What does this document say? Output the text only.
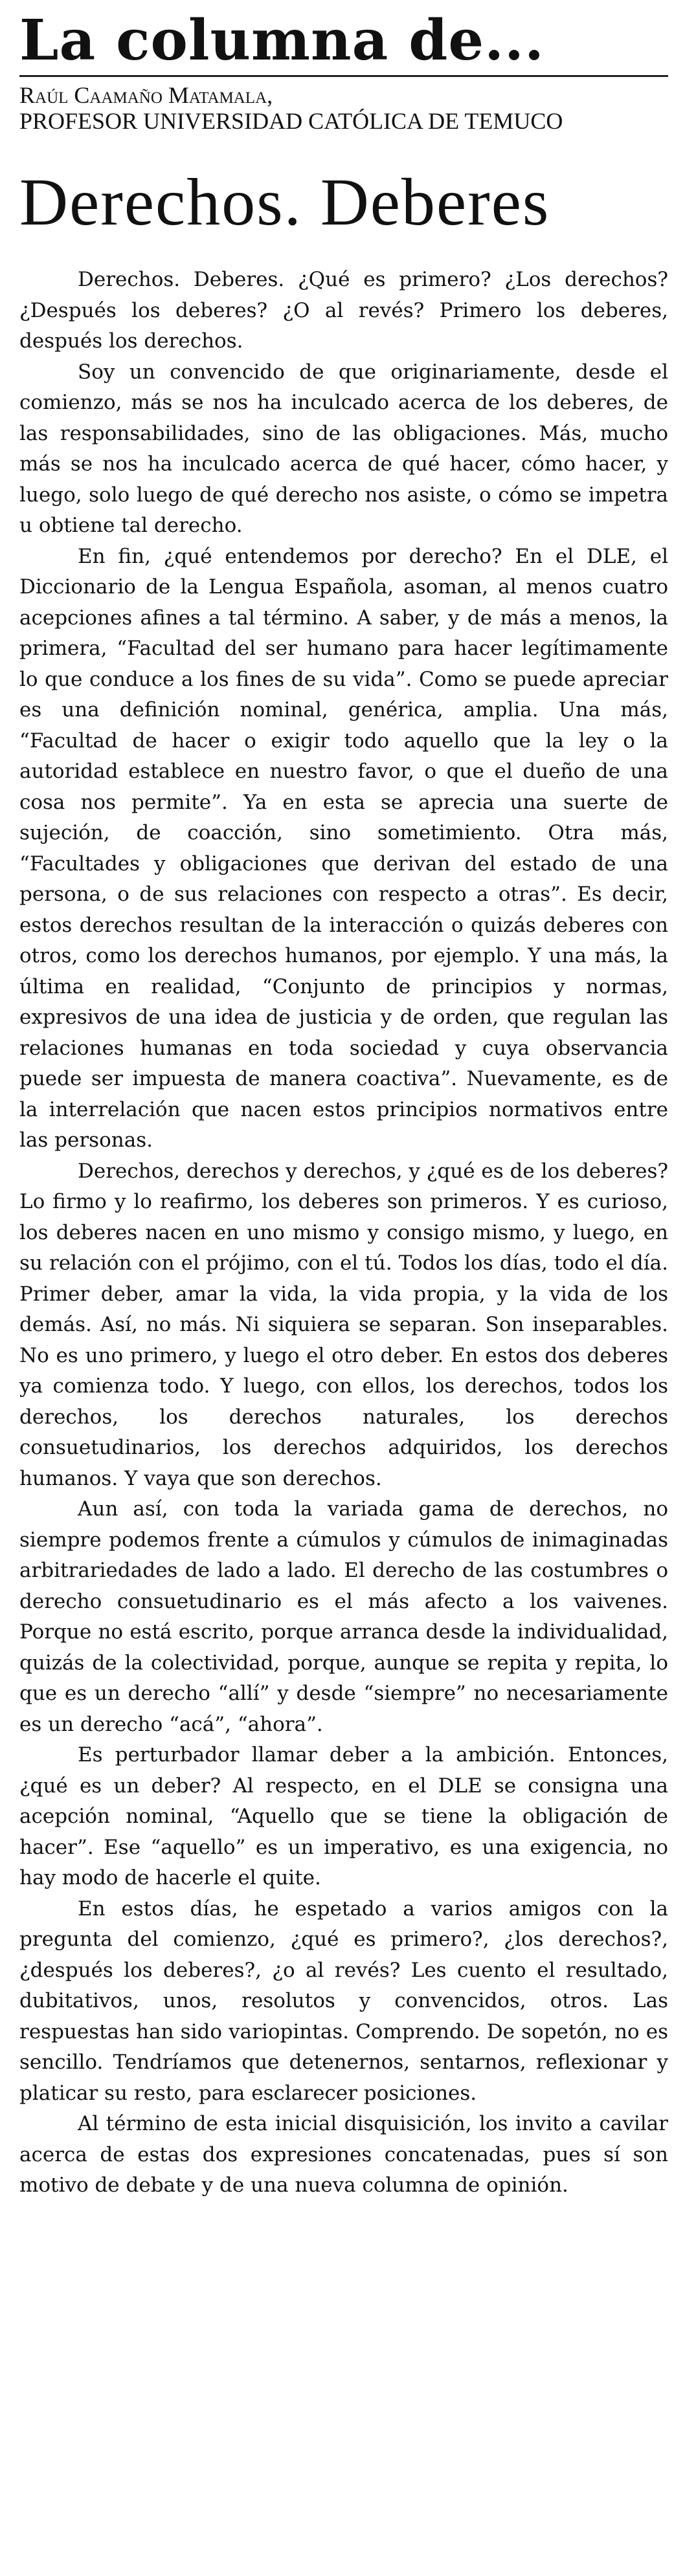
La columna de...

Raúl Caamaño Matamala,
PROFESOR UNIVERSIDAD CATÓLICA DE TEMUCO

Derechos. Deberes

Derechos. Deberes. ¿Qué es primero? ¿Los derechos? ¿Después los deberes? ¿O al revés? Primero los deberes, después los derechos.

Soy un convencido de que originariamente, desde el comienzo, más se nos ha inculcado acerca de los deberes, de las responsabilidades, sino de las obligaciones. Más, mucho más se nos ha inculcado acerca de qué hacer, cómo hacer, y luego, solo luego de qué derecho nos asiste, o cómo se impetra u obtiene tal derecho.

En fin, ¿qué entendemos por derecho? En el DLE, el Diccionario de la Lengua Española, asoman, al menos cuatro acepciones afines a tal término. A saber, y de más a menos, la primera, “Facultad del ser humano para hacer legítimamente lo que conduce a los fines de su vida”. Como se puede apreciar es una definición nominal, genérica, amplia. Una más, “Facultad de hacer o exigir todo aquello que la ley o la autoridad establece en nuestro favor, o que el dueño de una cosa nos permite”. Ya en esta se aprecia una suerte de sujeción, de coacción, sino sometimiento. Otra más, “Facultades y obligaciones que derivan del estado de una persona, o de sus relaciones con respecto a otras”. Es decir, estos derechos resultan de la interacción o quizás deberes con otros, como los derechos humanos, por ejemplo. Y una más, la última en realidad, “Conjunto de principios y normas, expresivos de una idea de justicia y de orden, que regulan las relaciones humanas en toda sociedad y cuya observancia puede ser impuesta de manera coactiva”. Nuevamente, es de la interrelación que nacen estos principios normativos entre las personas.

Derechos, derechos y derechos, y ¿qué es de los deberes? Lo firmo y lo reafirmo, los deberes son primeros. Y es curioso, los deberes nacen en uno mismo y consigo mismo, y luego, en su relación con el prójimo, con el tú. Todos los días, todo el día. Primer deber, amar la vida, la vida propia, y la vida de los demás. Así, no más. Ni siquiera se separan. Son inseparables. No es uno primero, y luego el otro deber. En estos dos deberes ya comienza todo. Y luego, con ellos, los derechos, todos los derechos, los derechos naturales, los derechos consuetudinarios, los derechos adquiridos, los derechos humanos. Y vaya que son derechos.

Aun así, con toda la variada gama de derechos, no siempre podemos frente a cúmulos y cúmulos de inimaginadas arbitrariedades de lado a lado. El derecho de las costumbres o derecho consuetudinario es el más afecto a los vaivenes. Porque no está escrito, porque arranca desde la individualidad, quizás de la colectividad, porque, aunque se repita y repita, lo que es un derecho “allí” y desde “siempre” no necesariamente es un derecho “acá”, “ahora”.

Es perturbador llamar deber a la ambición. Entonces, ¿qué es un deber? Al respecto, en el DLE se consigna una acepción nominal, “Aquello que se tiene la obligación de hacer”. Ese “aquello” es un imperativo, es una exigencia, no hay modo de hacerle el quite.

En estos días, he espetado a varios amigos con la pregunta del comienzo, ¿qué es primero?, ¿los derechos?, ¿después los deberes?, ¿o al revés? Les cuento el resultado, dubitativos, unos, resolutos y convencidos, otros. Las respuestas han sido variopintas. Comprendo. De sopetón, no es sencillo. Tendríamos que detenernos, sentarnos, reflexionar y platicar su resto, para esclarecer posiciones.

Al término de esta inicial disquisición, los invito a cavilar acerca de estas dos expresiones concatenadas, pues sí son motivo de debate y de una nueva columna de opinión.
